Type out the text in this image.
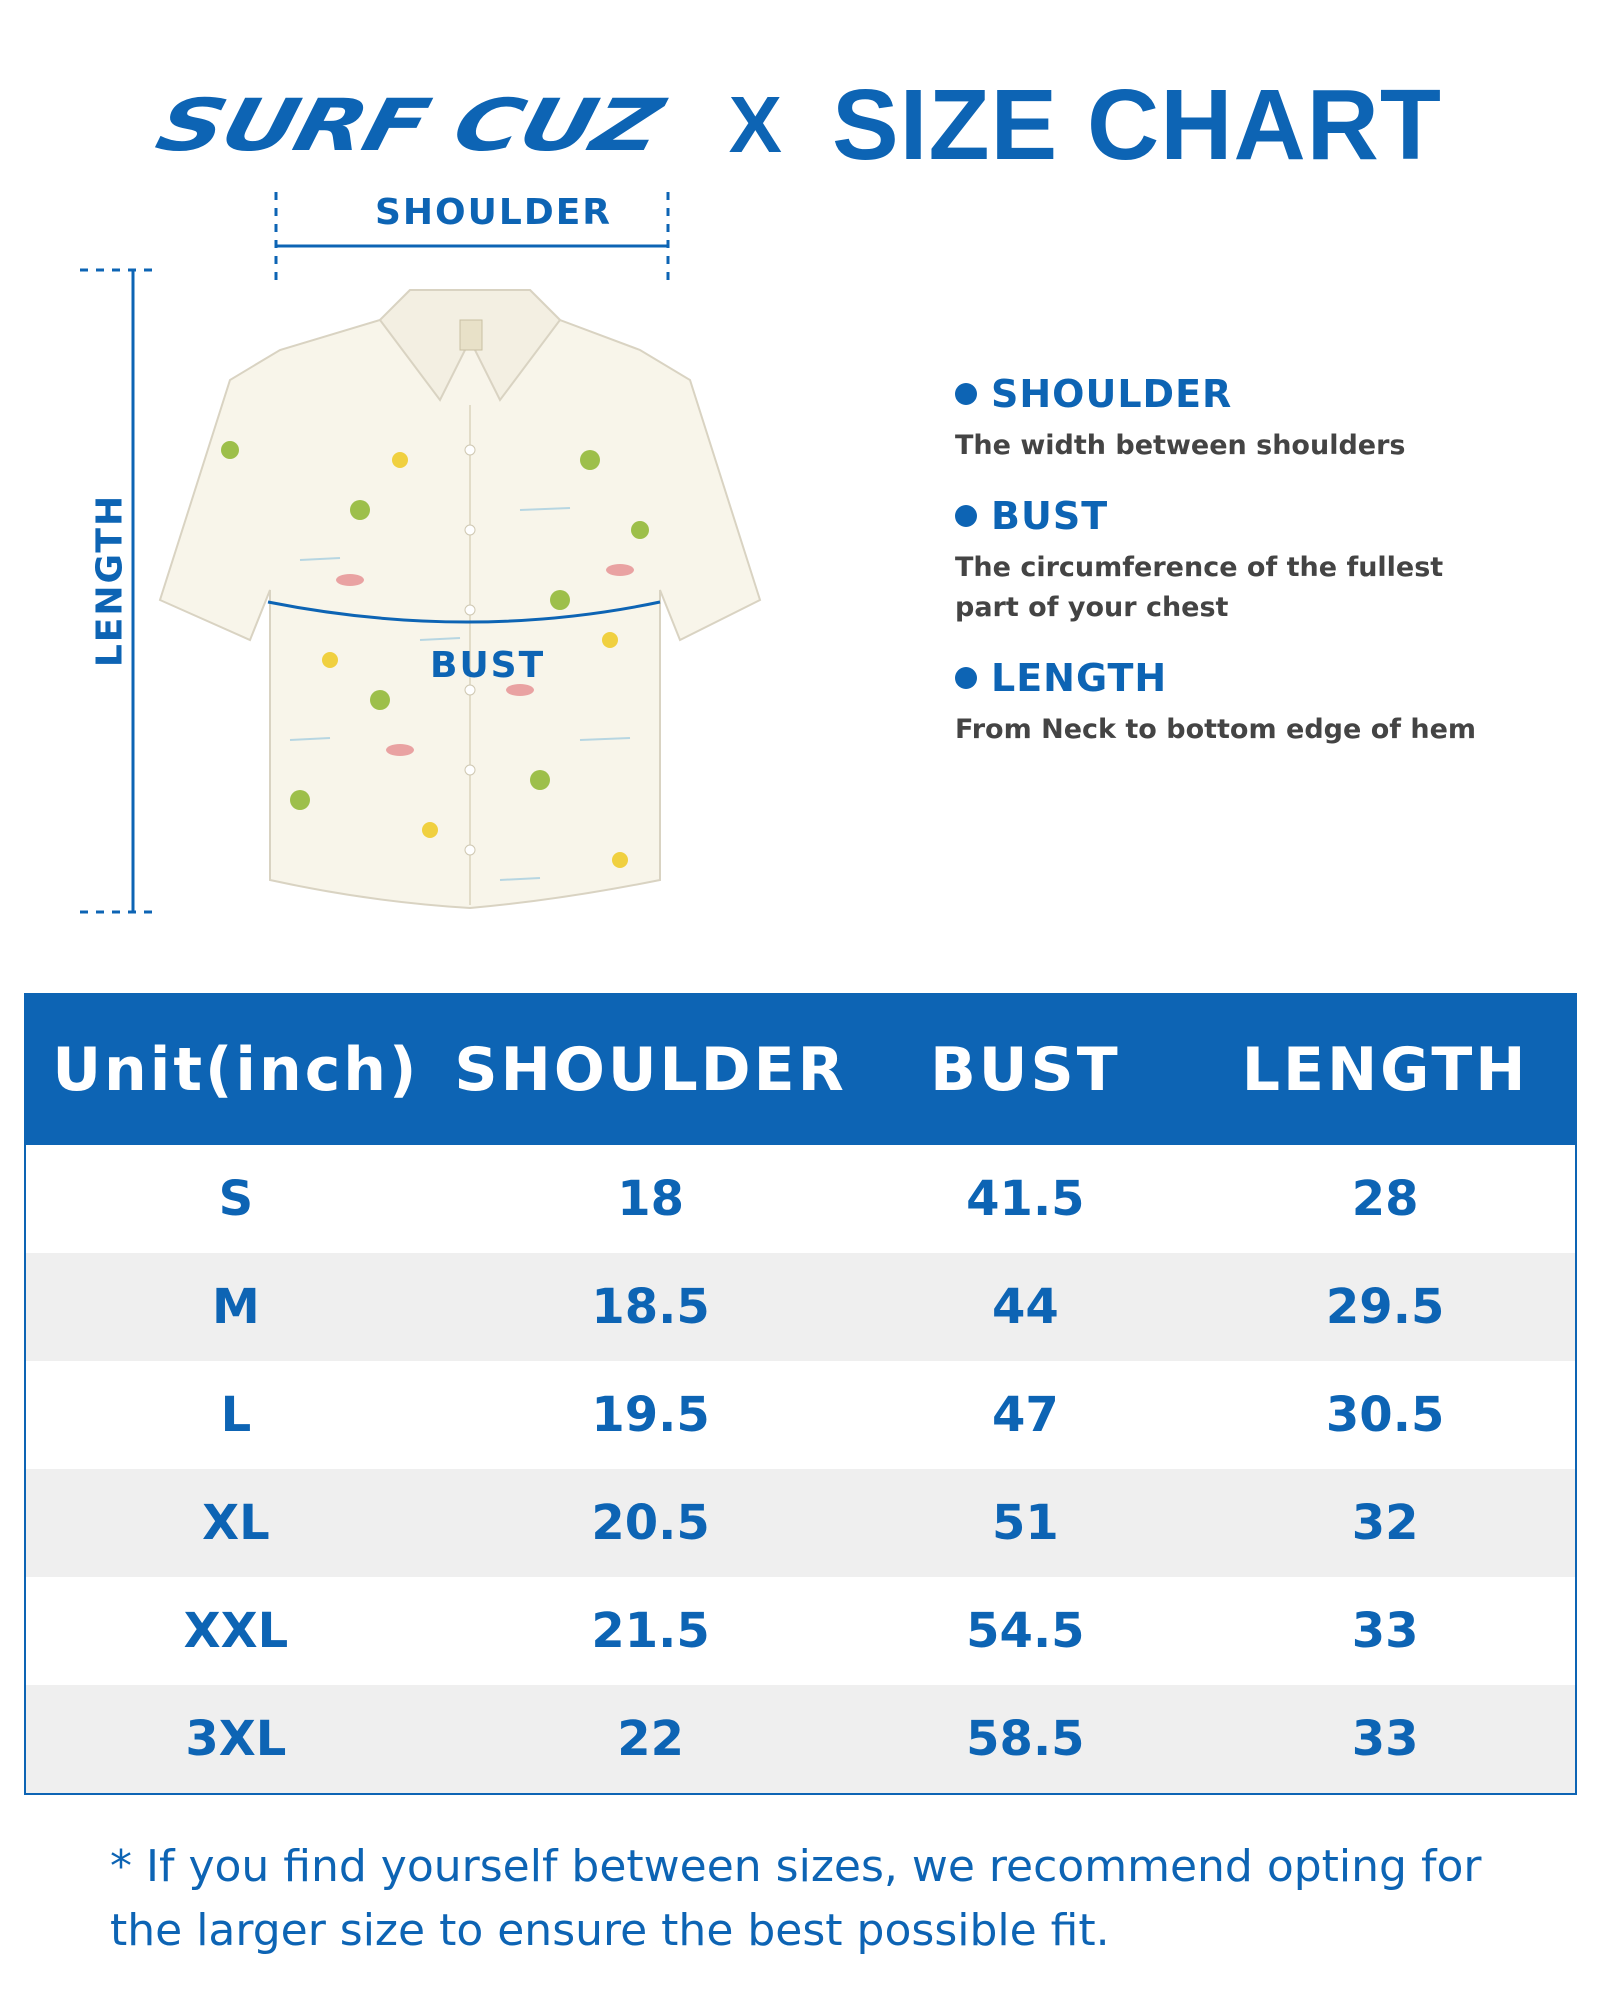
SURF CUZ X SIZE CHART
SHOULDER
BUST
LENGTH
SHOULDER
The width between shoulders
BUST
The circumference of the fullest part of your chest
LENGTH
From Neck to bottom edge of hem
Unit(inch) SHOULDER	BUST	LENGTH
S	18	41.5	28
M	18.5	44	29.5
L	19.5	47	30.5
XL	20.5	51	32
XXL	21.5	54.5	33
3XL	22	58.5	33
* If you find yourself between sizes, we recommend opting for the larger size to ensure the best possible fit.
